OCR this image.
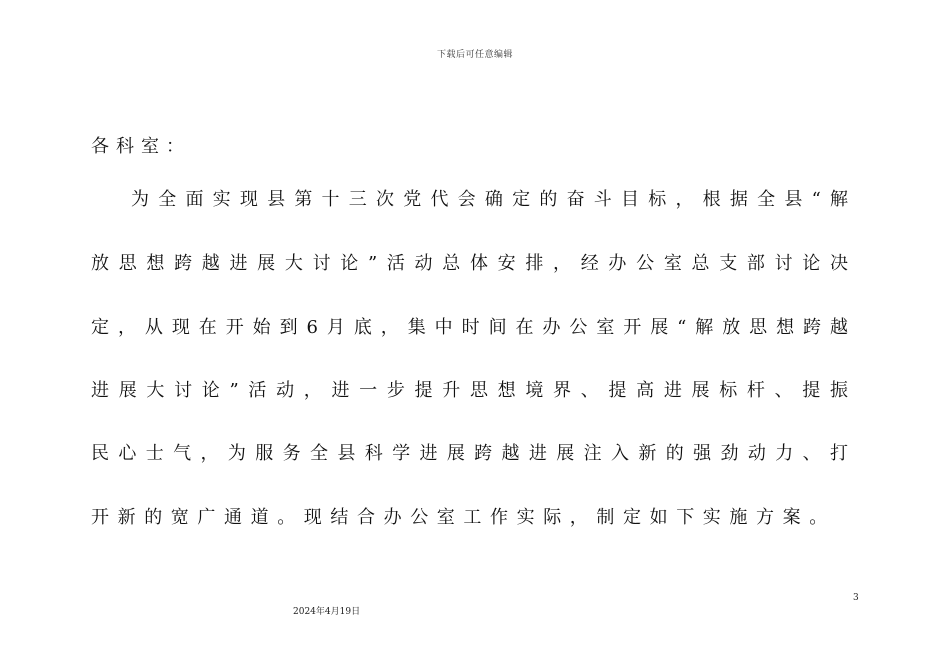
下载后可任意编辑
各科室：
为全面实现县第十三次党代会确定的奋斗目标，根据全县“解
放思想跨越进展大讨论”活动总体安排，经办公室总支部讨论决
定，从现在开始到6月底，集中时间在办公室开展“解放思想跨越
进展大讨论”活动，进一步提升思想境界、提高进展标杆、提振
民心士气，为服务全县科学进展跨越进展注入新的强劲动力、打
开新的宽广通道。现结合办公室工作实际，制定如下实施方案。
3
2024年4月19日
